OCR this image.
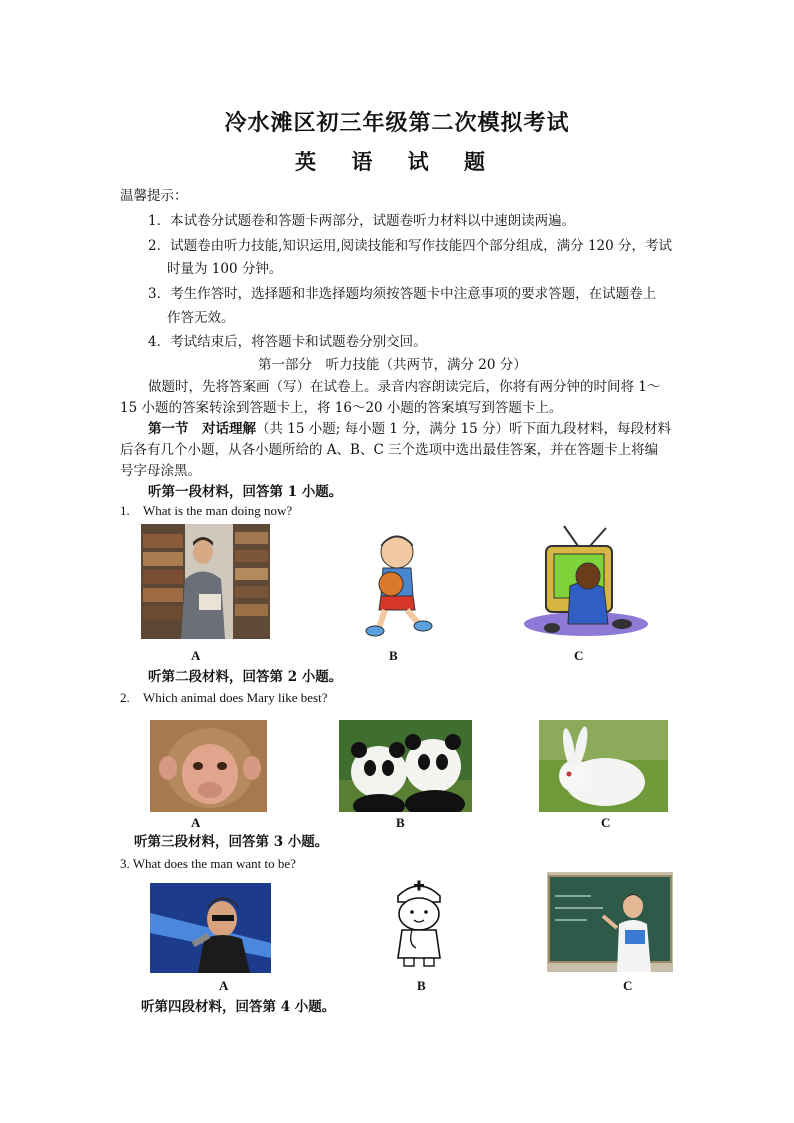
冷水滩区初三年级第二次模拟考试
英 语 试 题
温馨提示：
1．本试卷分试题卷和答题卡两部分，试题卷听力材料以中速朗读两遍。
2．试题卷由听力技能,知识运用,阅读技能和写作技能四个部分组成，满分 120 分，考试
时量为 100 分钟。
3．考生作答时，选择题和非选择题均须按答题卡中注意事项的要求答题，在试题卷上
作答无效。
4．考试结束后，将答题卡和试题卷分别交回。
第一部分　听力技能（共两节，满分 20 分）
做题时，先将答案画（写）在试卷上。录音内容朗读完后，你将有两分钟的时间将 1～
15 小题的答案转涂到答题卡上，将 16～20 小题的答案填写到答题卡上。
第一节　对话理解（共 15 小题; 每小题 1 分，满分 15 分）听下面九段材料，每段材料
后各有几个小题，从各小题所给的 A、B、C 三个选项中选出最佳答案，并在答题卡上将编
号字母涂黑。
听第一段材料，回答第 1 小题。
1. What is the man doing now?
A	B	C
听第二段材料，回答第 2 小题。
2. Which animal does Mary like best?
A	B	C
听第三段材料，回答第 3 小题。
3. What does the man want to be?
A	B	C
听第四段材料，回答第 4 小题。
